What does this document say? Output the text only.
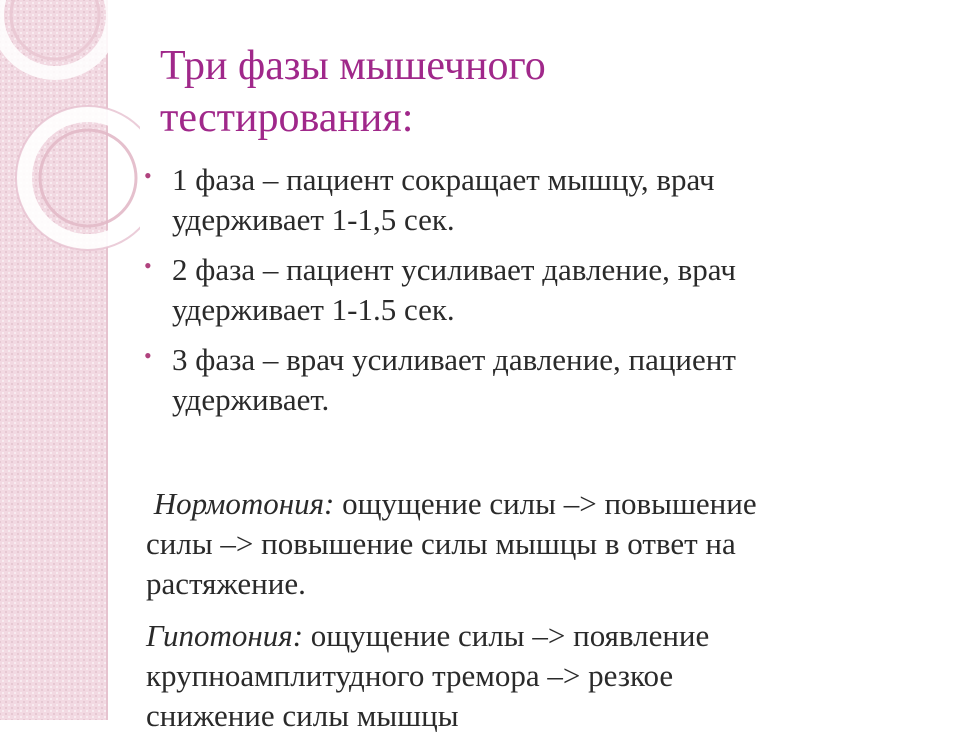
Три фазы мышечного
тестирования:
• 1 фаза – пациент сокращает мышцу, врач
удерживает 1-1,5 сек.
• 2 фаза – пациент усиливает давление, врач
удерживает 1-1.5 сек.
• 3 фаза – врач усиливает давление, пациент
удерживает.

Нормотония: ощущение силы –> повышение
силы –> повышение силы мышцы в ответ на
растяжение.

Гипотония: ощущение силы –> появление
крупноамплитудного тремора –> резкое
снижение силы мышцы
